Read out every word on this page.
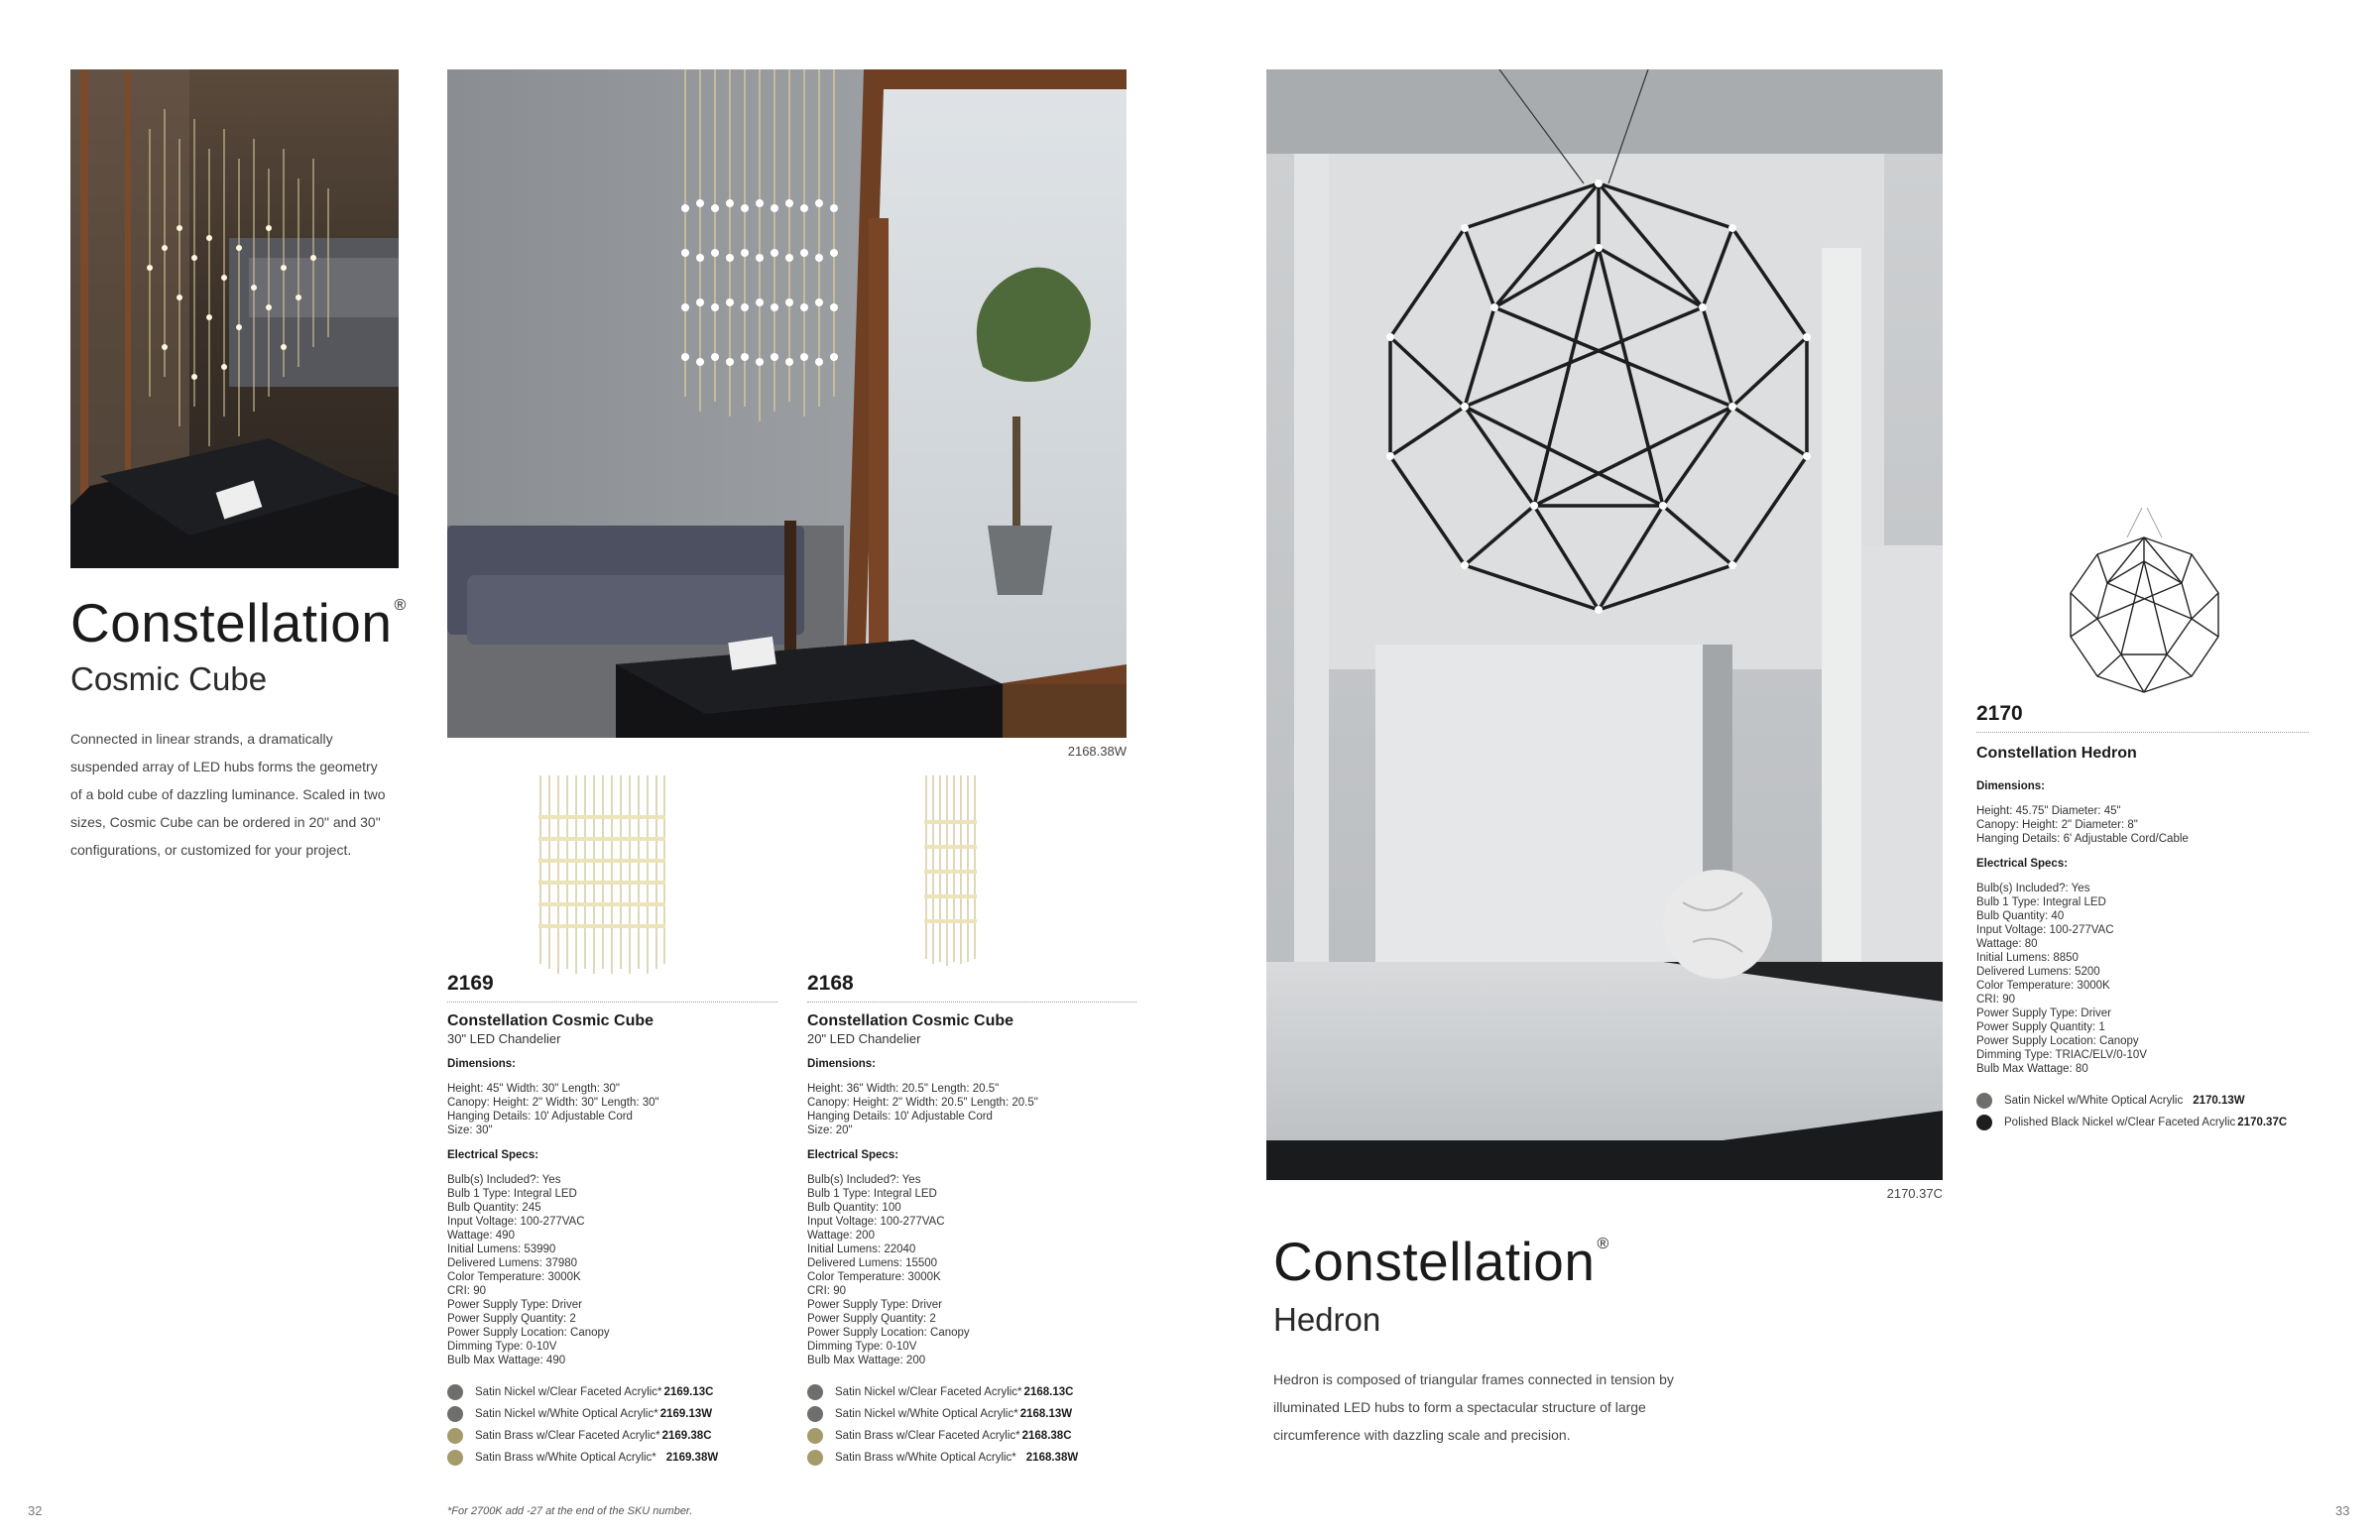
Constellation ®
Cosmic Cube
Connected in linear strands, a dramatically suspended array of LED hubs forms the geometry of a bold cube of dazzling luminance. Scaled in two sizes, Cosmic Cube can be ordered in 20" and 30" configurations, or customized for your project.
2168.38W
2169
Constellation Cosmic Cube
30" LED Chandelier
Dimensions:
Height: 45" Width: 30" Length: 30"
Canopy: Height: 2" Width: 30" Length: 30"
Hanging Details: 10' Adjustable Cord
Size: 30"
Electrical Specs:
Bulb(s) Included?: Yes
Bulb 1 Type: Integral LED
Bulb Quantity: 245
Input Voltage: 100-277VAC
Wattage: 490
Initial Lumens: 53990
Delivered Lumens: 37980
Color Temperature: 3000K
CRI: 90
Power Supply Type: Driver
Power Supply Quantity: 2
Power Supply Location: Canopy
Dimming Type: 0-10V
Bulb Max Wattage: 490
Satin Nickel w/Clear Faceted Acrylic* 2169.13C
Satin Nickel w/White Optical Acrylic* 2169.13W
Satin Brass w/Clear Faceted Acrylic* 2169.38C
Satin Brass w/White Optical Acrylic* 2169.38W
2168
Constellation Cosmic Cube
20" LED Chandelier
Dimensions:
Height: 36" Width: 20.5" Length: 20.5"
Canopy: Height: 2" Width: 20.5" Length: 20.5"
Hanging Details: 10' Adjustable Cord
Size: 20"
Electrical Specs:
Bulb(s) Included?: Yes
Bulb 1 Type: Integral LED
Bulb Quantity: 100
Input Voltage: 100-277VAC
Wattage: 200
Initial Lumens: 22040
Delivered Lumens: 15500
Color Temperature: 3000K
CRI: 90
Power Supply Type: Driver
Power Supply Quantity: 2
Power Supply Location: Canopy
Dimming Type: 0-10V
Bulb Max Wattage: 200
Satin Nickel w/Clear Faceted Acrylic* 2168.13C
Satin Nickel w/White Optical Acrylic* 2168.13W
Satin Brass w/Clear Faceted Acrylic* 2168.38C
Satin Brass w/White Optical Acrylic* 2168.38W
*For 2700K add -27 at the end of the SKU number.
32
2170.37C
Constellation ®
Hedron
Hedron is composed of triangular frames connected in tension by illuminated LED hubs to form a spectacular structure of large circumference with dazzling scale and precision.
2170
Constellation Hedron
Dimensions:
Height: 45.75" Diameter: 45"
Canopy: Height: 2" Diameter: 8"
Hanging Details: 6' Adjustable Cord/Cable
Electrical Specs:
Bulb(s) Included?: Yes
Bulb 1 Type: Integral LED
Bulb Quantity: 40
Input Voltage: 100-277VAC
Wattage: 80
Initial Lumens: 8850
Delivered Lumens: 5200
Color Temperature: 3000K
CRI: 90
Power Supply Type: Driver
Power Supply Quantity: 1
Power Supply Location: Canopy
Dimming Type: TRIAC/ELV/0-10V
Bulb Max Wattage: 80
Satin Nickel w/White Optical Acrylic 2170.13W
Polished Black Nickel w/Clear Faceted Acrylic 2170.37C
33
